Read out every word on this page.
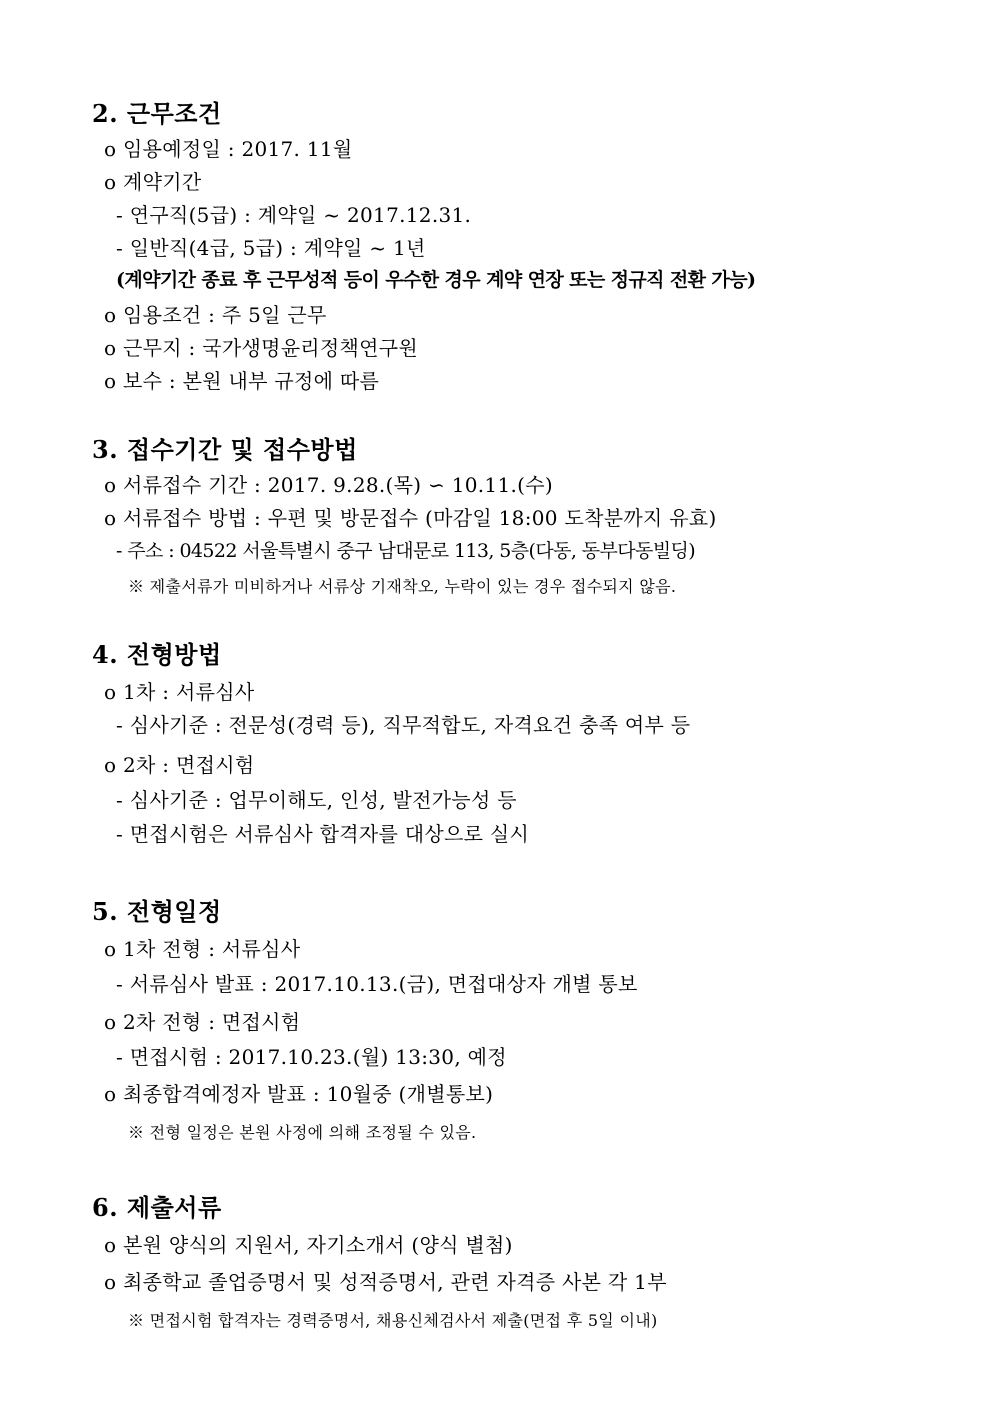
2. 근무조건
o 임용예정일 : 2017. 11월
o 계약기간
- 연구직(5급) : 계약일 ~ 2017.12.31.
- 일반직(4급, 5급) : 계약일 ~ 1년
(계약기간 종료 후 근무성적 등이 우수한 경우 계약 연장 또는 정규직 전환 가능)
o 임용조건 : 주 5일 근무
o 근무지 : 국가생명윤리정책연구원
o 보수 : 본원 내부 규정에 따름
3. 접수기간 및 접수방법
o 서류접수 기간 : 2017. 9.28.(목) ∽ 10.11.(수)
o 서류접수 방법 : 우편 및 방문접수 (마감일 18:00 도착분까지 유효)
- 주소 : 04522 서울특별시 중구 남대문로 113, 5층(다동, 동부다동빌딩)
※ 제출서류가 미비하거나 서류상 기재착오, 누락이 있는 경우 접수되지 않음.
4. 전형방법
o 1차 : 서류심사
- 심사기준 : 전문성(경력 등), 직무적합도, 자격요건 충족 여부 등
o 2차 : 면접시험
- 심사기준 : 업무이해도, 인성, 발전가능성 등
- 면접시험은 서류심사 합격자를 대상으로 실시
5. 전형일정
o 1차 전형 : 서류심사
- 서류심사 발표 : 2017.10.13.(금), 면접대상자 개별 통보
o 2차 전형 : 면접시험
- 면접시험 : 2017.10.23.(월) 13:30, 예정
o 최종합격예정자 발표 : 10월중 (개별통보)
※ 전형 일정은 본원 사정에 의해 조정될 수 있음.
6. 제출서류
o 본원 양식의 지원서, 자기소개서 (양식 별첨)
o 최종학교 졸업증명서 및 성적증명서, 관련 자격증 사본 각 1부
※ 면접시험 합격자는 경력증명서, 채용신체검사서 제출(면접 후 5일 이내)
